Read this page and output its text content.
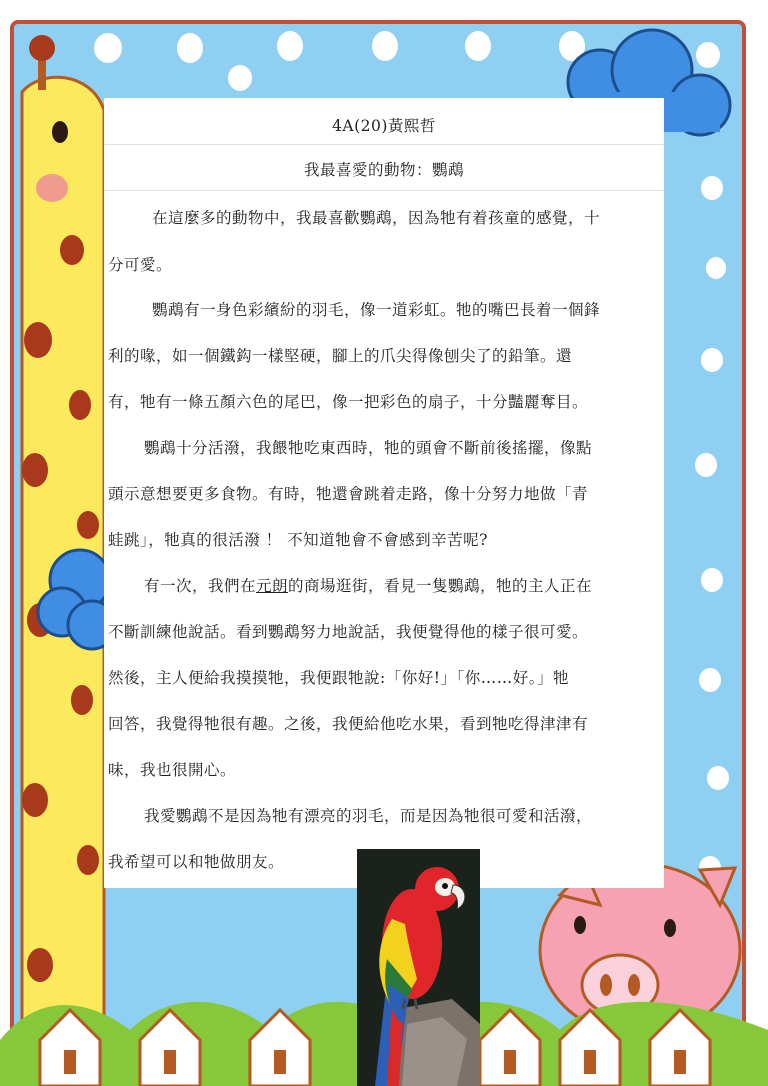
4A(20)黃熙哲
我最喜愛的動物：鸚鵡
在這麼多的動物中，我最喜歡鸚鵡，因為牠有着孩童的感覺，十
分可愛。
鸚鵡有一身色彩繽紛的羽毛，像一道彩虹。牠的嘴巴長着一個鋒
利的喙，如一個鐵鈎一樣堅硬，腳上的爪尖得像刨尖了的鉛筆。還
有，牠有一條五顏六色的尾巴，像一把彩色的扇子，十分豔麗奪目。
鸚鵡十分活潑，我餵牠吃東西時，牠的頭會不斷前後搖擺，像點
頭示意想要更多食物。有時，牠還會跳着走路，像十分努力地做「青
蛙跳」，牠真的很活潑 ！ 不知道牠會不會感到辛苦呢?
有一次，我們在元朗的商場逛街，看見一隻鸚鵡，牠的主人正在
不斷訓練他說話。看到鸚鵡努力地說話，我便覺得他的樣子很可愛。
然後，主人便給我摸摸牠，我便跟牠說:「你好!」「你……好。」牠
回答，我覺得牠很有趣。之後，我便給他吃水果，看到牠吃得津津有
味，我也很開心。
我愛鸚鵡不是因為牠有漂亮的羽毛，而是因為牠很可愛和活潑，
我希望可以和牠做朋友。
